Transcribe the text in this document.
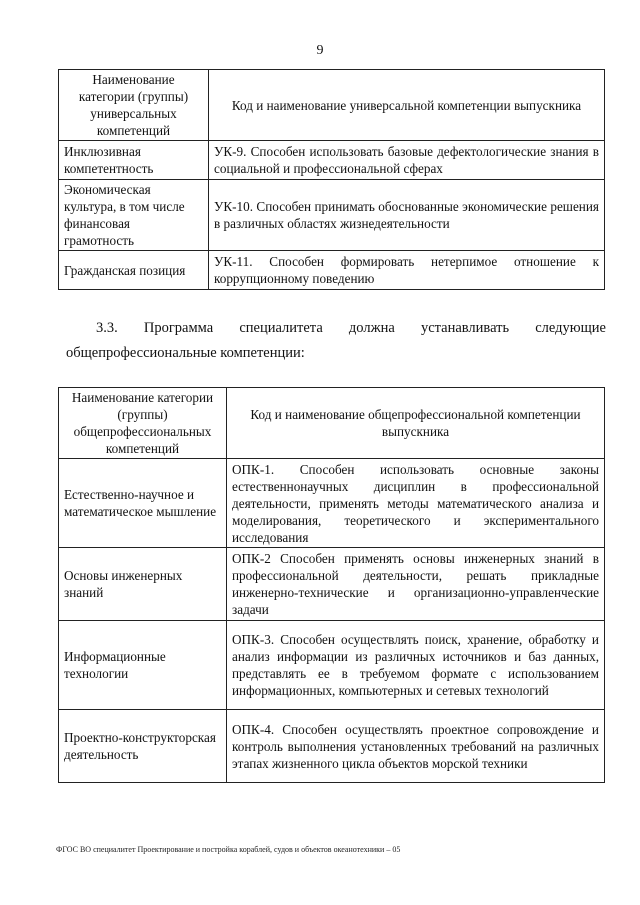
9
Наименование категории (группы) универсальных компетенций	Код и наименование универсальной компетенции выпускника
Инклюзивная компетентность	УК-9. Способен использовать базовые дефектологические знания в социальной и профессиональной сферах
Экономическая культура, в том числе финансовая грамотность	УК-10. Способен принимать обоснованные экономические решения в различных областях жизнедеятельности
Гражданская позиция	УК-11. Способен формировать нетерпимое отношение к коррупционному поведению
3.3. Программа специалитета должна устанавливать следующие
общепрофессиональные компетенции:
Наименование категории (группы) общепрофессиональных компетенций	Код и наименование общепрофессиональной компетенции выпускника
Естественно-научное и математическое мышление	ОПК-1. Способен использовать основные законы естественнонаучных дисциплин в профессиональной деятельности, применять методы математического анализа и моделирования, теоретического и экспериментального исследования
Основы инженерных знаний	ОПК-2 Способен применять основы инженерных знаний в профессиональной деятельности, решать прикладные инженерно-технические и организационно-управленческие задачи
Информационные технологии	ОПК-3. Способен осуществлять поиск, хранение, обработку и анализ информации из различных источников и баз данных, представлять ее в требуемом формате с использованием информационных, компьютерных и сетевых технологий
Проектно-конструкторская деятельность	ОПК-4. Способен осуществлять проектное сопровождение и контроль выполнения установленных требований на различных этапах жизненного цикла объектов морской техники
ФГОС ВО специалитет Проектирование и постройка кораблей, судов и объектов океанотехники – 05
